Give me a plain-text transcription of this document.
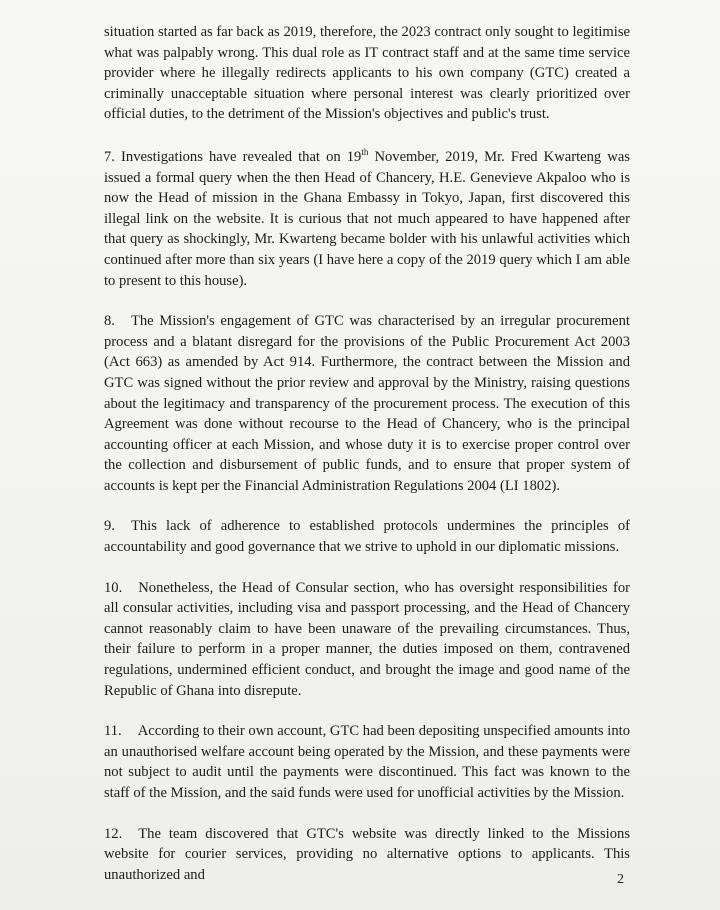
situation started as far back as 2019, therefore, the 2023 contract only sought to legitimise what was palpably wrong. This dual role as IT contract staff and at the same time service provider where he illegally redirects applicants to his own company (GTC) created a criminally unacceptable situation where personal interest was clearly prioritized over official duties, to the detriment of the Mission's objectives and public's trust.

7. Investigations have revealed that on 19th November, 2019, Mr. Fred Kwarteng was issued a formal query when the then Head of Chancery, H.E. Genevieve Akpaloo who is now the Head of mission in the Ghana Embassy in Tokyo, Japan, first discovered this illegal link on the website. It is curious that not much appeared to have happened after that query as shockingly, Mr. Kwarteng became bolder with his unlawful activities which continued after more than six years (I have here a copy of the 2019 query which I am able to present to this house).

8. The Mission's engagement of GTC was characterised by an irregular procurement process and a blatant disregard for the provisions of the Public Procurement Act 2003 (Act 663) as amended by Act 914. Furthermore, the contract between the Mission and GTC was signed without the prior review and approval by the Ministry, raising questions about the legitimacy and transparency of the procurement process. The execution of this Agreement was done without recourse to the Head of Chancery, who is the principal accounting officer at each Mission, and whose duty it is to exercise proper control over the collection and disbursement of public funds, and to ensure that proper system of accounts is kept per the Financial Administration Regulations 2004 (LI 1802).

9. This lack of adherence to established protocols undermines the principles of accountability and good governance that we strive to uphold in our diplomatic missions.

10. Nonetheless, the Head of Consular section, who has oversight responsibilities for all consular activities, including visa and passport processing, and the Head of Chancery cannot reasonably claim to have been unaware of the prevailing circumstances. Thus, their failure to perform in a proper manner, the duties imposed on them, contravened regulations, undermined efficient conduct, and brought the image and good name of the Republic of Ghana into disrepute.

11. According to their own account, GTC had been depositing unspecified amounts into an unauthorised welfare account being operated by the Mission, and these payments were not subject to audit until the payments were discontinued. This fact was known to the staff of the Mission, and the said funds were used for unofficial activities by the Mission.

12. The team discovered that GTC's website was directly linked to the Missions website for courier services, providing no alternative options to applicants. This unauthorized and	2
